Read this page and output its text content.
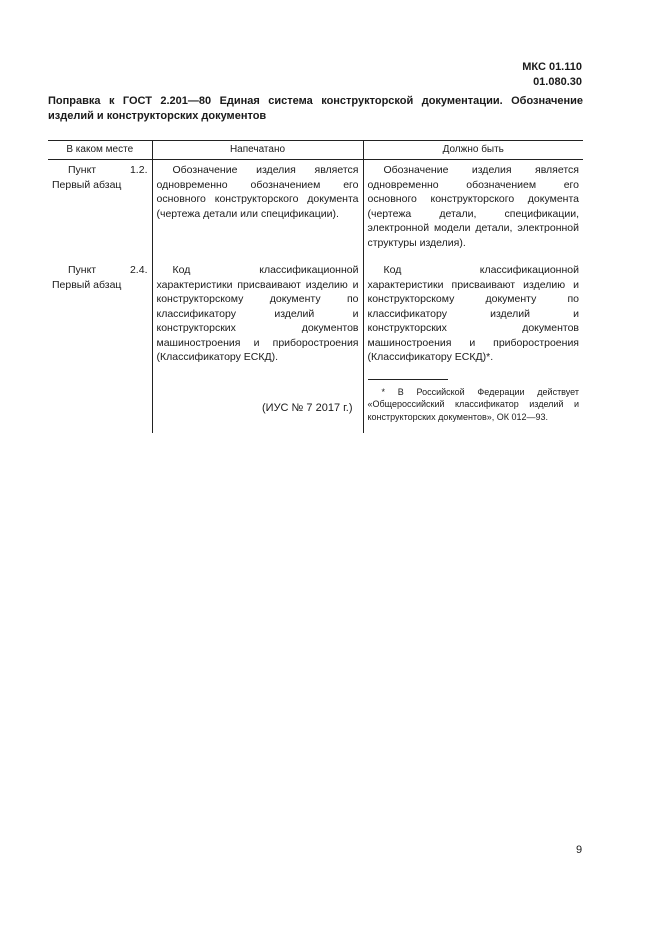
МКС 01.110
01.080.30
Поправка к ГОСТ 2.201—80 Единая система конструкторской документации. Обозначение изделий и конструкторских документов
В каком месте	Напечатано	Должно быть

Пункт 1.2. Первый абзац	Обозначение изделия является одновременно обозначением его основного конструкторского документа (чертежа детали или спецификации).	Обозначение изделия является одновременно обозначением его основного конструкторского документа (чертежа детали, спецификации, электронной модели детали, электронной структуры изделия).

Пункт 2.4. Первый абзац	Код классификационной характеристики присваивают изделию и конструкторскому документу по классификатору изделий и конструкторских документов машиностроения и приборостроения (Классификатору ЕСКД).	Код классификационной характеристики присваивают изделию и конструкторскому документу по классификатору изделий и конструкторских документов машиностроения и приборостроения (Классификатору ЕСКД)*.

* В Российской Федерации действует «Общероссийский классификатор изделий и конструкторских документов», ОК 012—93.

(ИУС № 7 2017 г.)
9
